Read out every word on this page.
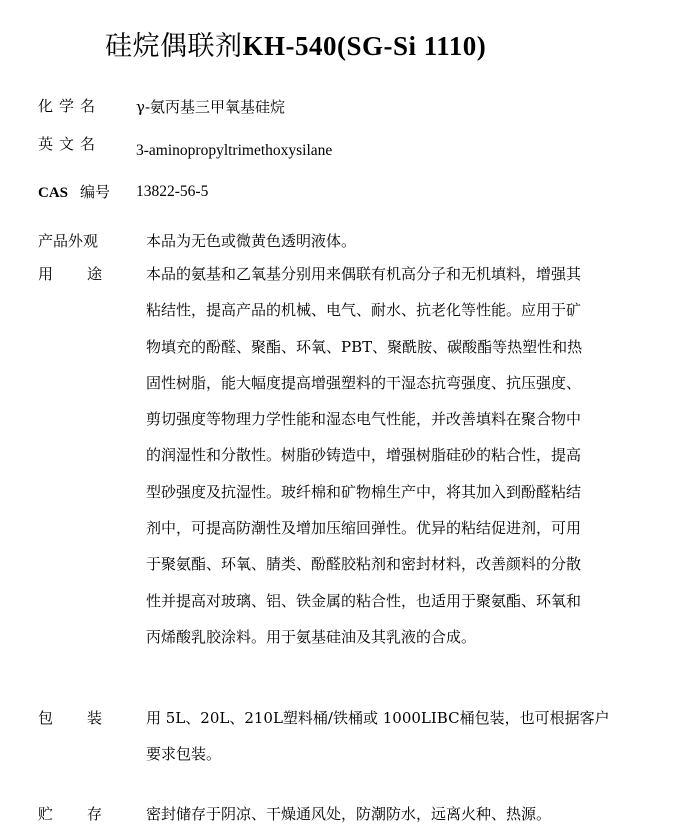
硅烷偶联剂KH-540(SG-Si 1110)
化学名 γ-氨丙基三甲氧基硅烷
英文名 3-aminopropyltrimethoxysilane
CAS 编号 13822-56-5
产品外观	本品为无色或微黄色透明液体。
用途 本品的氨基和乙氧基分别用来偶联有机高分子和无机填料，增强其
粘结性，提高产品的机械、电气、耐水、抗老化等性能。应用于矿
物填充的酚醛、聚酯、环氧、PBT、聚酰胺、碳酸酯等热塑性和热
固性树脂，能大幅度提高增强塑料的干湿态抗弯强度、抗压强度、
剪切强度等物理力学性能和湿态电气性能，并改善填料在聚合物中
的润湿性和分散性。树脂砂铸造中，增强树脂硅砂的粘合性，提高
型砂强度及抗湿性。玻纤棉和矿物棉生产中，将其加入到酚醛粘结
剂中，可提高防潮性及增加压缩回弹性。优异的粘结促进剂，可用
于聚氨酯、环氧、腈类、酚醛胶粘剂和密封材料，改善颜料的分散
性并提高对玻璃、铝、铁金属的粘合性，也适用于聚氨酯、环氧和
丙烯酸乳胶涂料。用于氨基硅油及其乳液的合成。
包装 用 5L、20L、210L塑料桶/铁桶或 1000LIBC桶包装，也可根据客户
要求包装。
贮存 密封储存于阴凉、干燥通风处，防潮防水，远离火种、热源。
